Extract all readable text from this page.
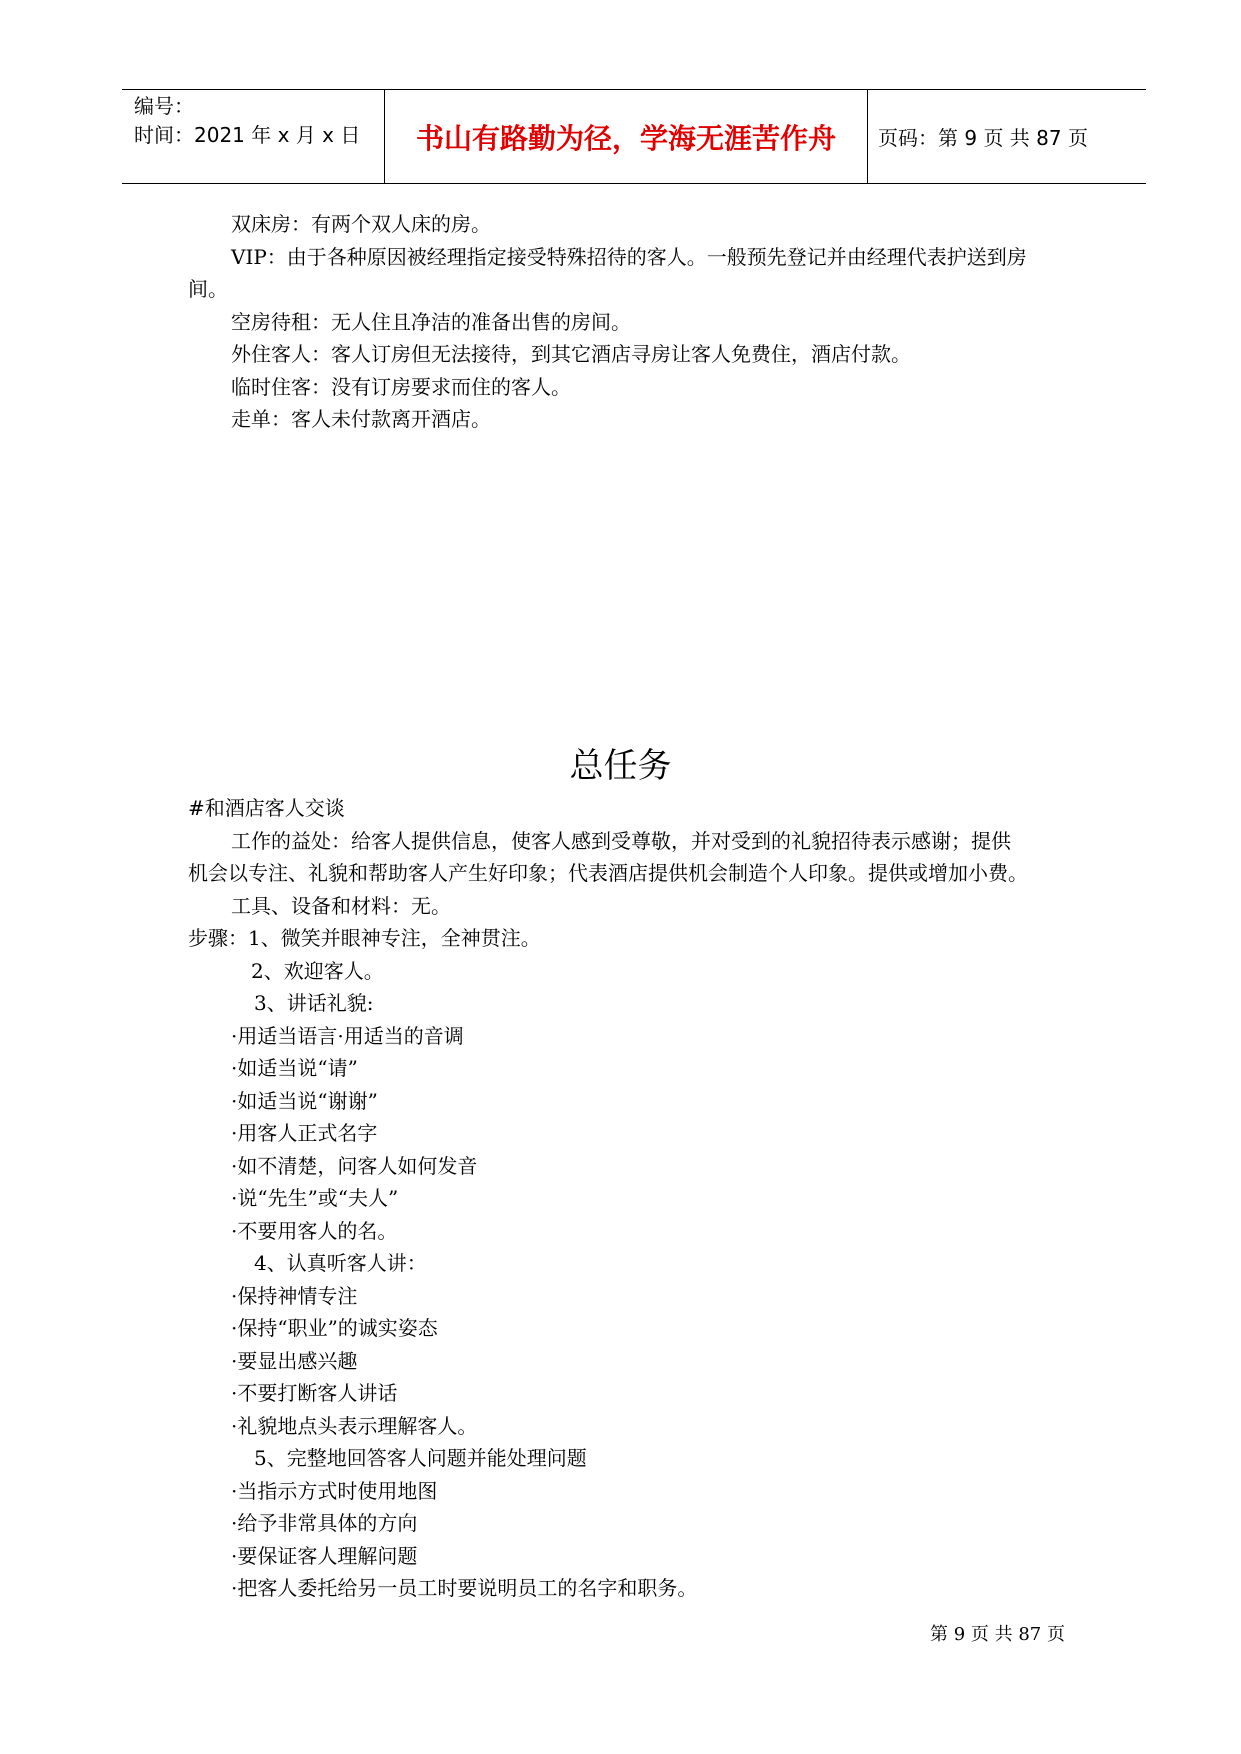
编号：
时间：2021 年 x 月 x 日	书山有路勤为径，学海无涯苦作舟	页码：第 9 页 共 87 页
双床房：有两个双人床的房。
VIP：由于各种原因被经理指定接受特殊招待的客人。一般预先登记并由经理代表护送到房
间。
空房待租：无人住且净洁的准备出售的房间。
外住客人：客人订房但无法接待，到其它酒店寻房让客人免费住，酒店付款。
临时住客：没有订房要求而住的客人。
走单：客人未付款离开酒店。
总任务
#和酒店客人交谈
工作的益处：给客人提供信息，使客人感到受尊敬，并对受到的礼貌招待表示感谢；提供
机会以专注、礼貌和帮助客人产生好印象；代表酒店提供机会制造个人印象。提供或增加小费。
工具、设备和材料：无。
步骤：1、微笑并眼神专注，全神贯注。
2、欢迎客人。
3、讲话礼貌:
·用适当语言·用适当的音调
·如适当说“请”
·如适当说“谢谢”
·用客人正式名字
·如不清楚，问客人如何发音
·说“先生”或“夫人”
·不要用客人的名。
4、认真听客人讲：
·保持神情专注
·保持“职业”的诚实姿态
·要显出感兴趣
·不要打断客人讲话
·礼貌地点头表示理解客人。
5、完整地回答客人问题并能处理问题
·当指示方式时使用地图
·给予非常具体的方向
·要保证客人理解问题
·把客人委托给另一员工时要说明员工的名字和职务。
第 9 页 共 87 页
